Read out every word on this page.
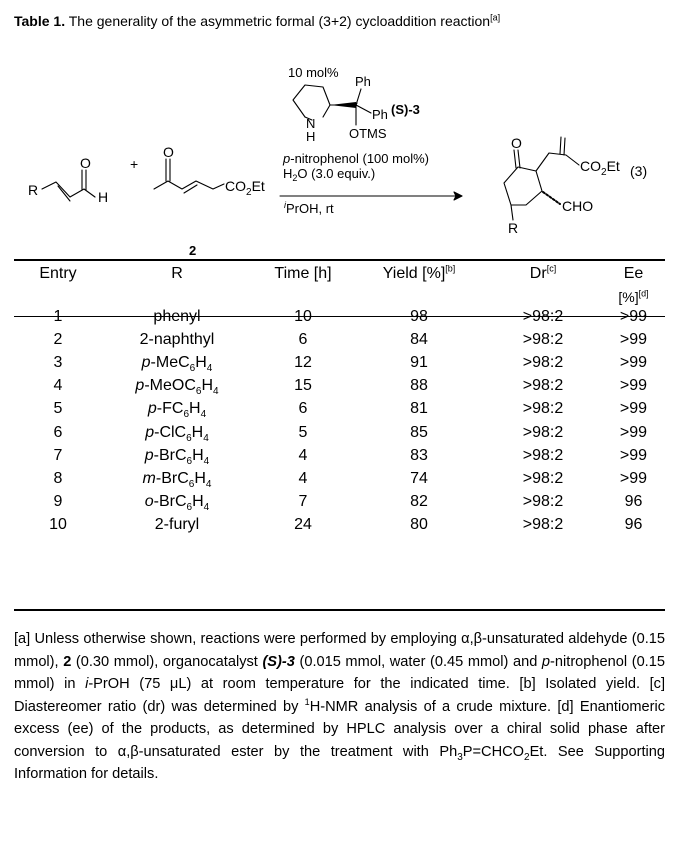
Table 1. The generality of the asymmetric formal (3+2) cycloaddition reaction[a]
R
O
H
+
O
$CO_2Et$
2
10 mol%
Ph
Ph (S)-3
N
H	OTMS
p-nitrophenol (100 mol%)
$H_2O$ (3.0 equiv.)
$^i$PrOH, rt
O
$CO_2Et$
CHO
R
(3)
Entry	R	Time [h]	Yield [%][b]	Dr[c]	Ee
[%][d]

1	phenyl	10	98	>98:2	>99
2	2-naphthyl	6	84	>98:2	>99
3	$p-MeC_6H_4$	12	91	>98:2	>99
4	$p-MeOC_6H_4$	15	88	>98:2	>99
5	$p-FC_6H_4$	6	81	>98:2	>99
6	$p-ClC_6H_4$	5	85	>98:2	>99
7	$p-BrC_6H_4$	4	83	>98:2	>99
8	$m-BrC_6H_4$	4	74	>98:2	>99
9	$o-BrC_6H_4$	7	82	>98:2	96
10	2-furyl	24	80	>98:2	96
[a] Unless otherwise shown, reactions were performed by employing α,β-unsaturated aldehyde (0.15 mmol), 2 (0.30 mmol), organocatalyst (S)-3 (0.015 mmol, water (0.45 mmol) and p-nitrophenol (0.15 mmol) in i-PrOH (75 μL) at room temperature for the indicated time. [b] Isolated yield. [c] Diastereomer ratio (dr) was determined by $^1$H-NMR analysis of a crude mixture. [d] Enantiomeric excess (ee) of the products, as determined by HPLC analysis over a chiral solid phase after conversion to α,β-unsaturated ester by the treatment with $Ph_3P=CHCO_2Et$. See Supporting Information for details.
